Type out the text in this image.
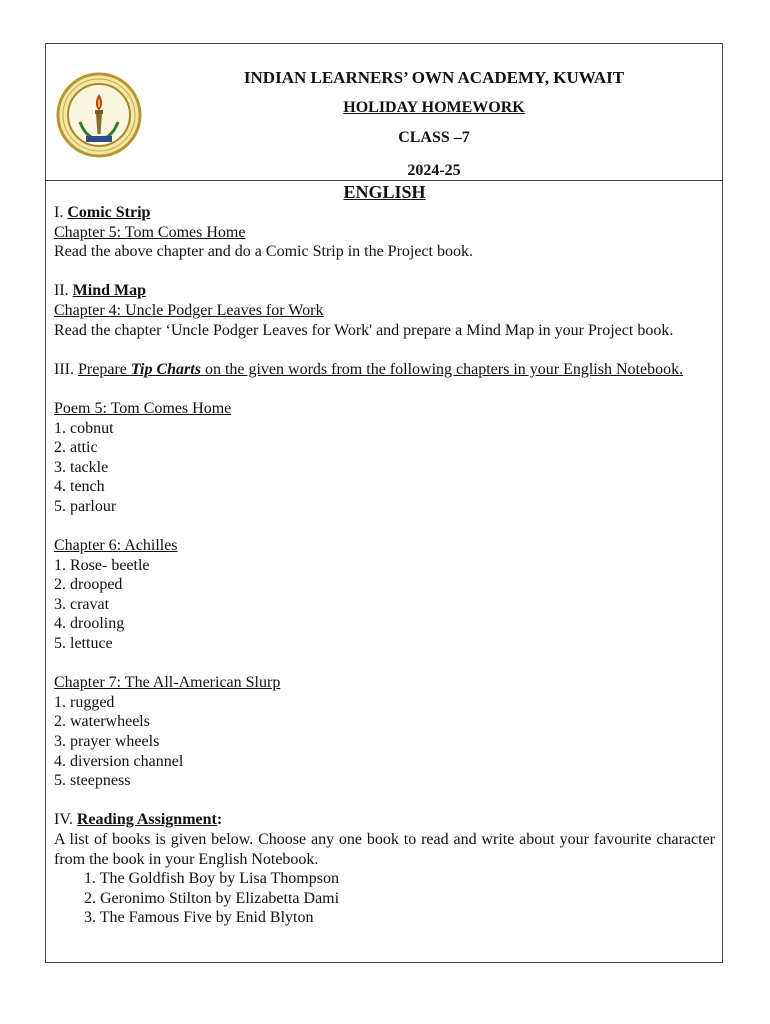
INDIAN LEARNERS’ OWN ACADEMY, KUWAIT
HOLIDAY HOMEWORK
CLASS –7
2024-25
ENGLISH
I. Comic Strip
Chapter 5: Tom Comes Home
Read the above chapter and do a Comic Strip in the Project book.
II. Mind Map
Chapter 4: Uncle Podger Leaves for Work
Read the chapter ‘Uncle Podger Leaves for Work' and prepare a Mind Map in your Project book.
III. Prepare Tip Charts on the given words from the following chapters in your English Notebook.
Poem 5: Tom Comes Home
1. cobnut
2. attic
3. tackle
4. tench
5. parlour
Chapter 6: Achilles
1. Rose- beetle
2. drooped
3. cravat
4. drooling
5. lettuce
Chapter 7: The All-American Slurp
1. rugged
2. waterwheels
3. prayer wheels
4. diversion channel
5. steepness
IV. Reading Assignment:
A list of books is given below. Choose any one book to read and write about your favourite character from the book in your English Notebook.
1. The Goldfish Boy by Lisa Thompson
2. Geronimo Stilton by Elizabetta Dami
3. The Famous Five by Enid Blyton
